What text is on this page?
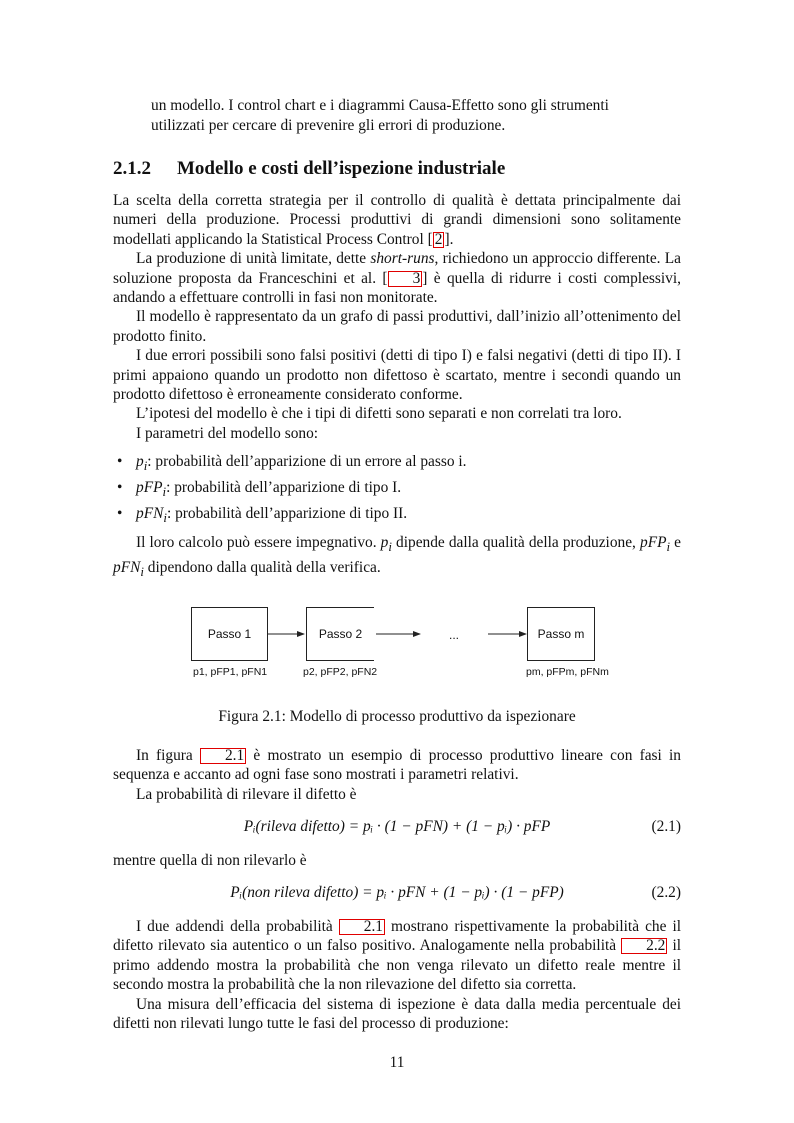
un modello. I control chart e i diagrammi Causa-Effetto sono gli strumenti

utilizzati per cercare di prevenire gli errori di produzione.

2.1.2 Modello e costi dell’ispezione industriale

La scelta della corretta strategia per il controllo di qualità è dettata principalmente dai numeri della produzione. Processi produttivi di grandi dimensioni sono solitamente modellati applicando la Statistical Process Control [ 2 ].

La produzione di unità limitate, dette short-runs, richiedono un approccio differente. La soluzione proposta da Franceschini et al. [ 3 ] è quella di ridurre i costi complessivi, andando a effettuare controlli in fasi non monitorate.

Il modello è rappresentato da un grafo di passi produttivi, dall’inizio all’ottenimento del prodotto finito.

I due errori possibili sono falsi positivi (detti di tipo I) e falsi negativi (detti di tipo II). I primi appaiono quando un prodotto non difettoso è scartato, mentre i secondi quando un prodotto difettoso è erroneamente considerato conforme.

L’ipotesi del modello è che i tipi di difetti sono separati e non correlati tra loro.

I parametri del modello sono:

• $p_i$: probabilità dell’apparizione di un errore al passo i.
• pFP$_i$: probabilità dell’apparizione di tipo I.
• pFN$_i$: probabilità dell’apparizione di tipo II.

Il loro calcolo può essere impegnativo. $p_i$ dipende dalla qualità della produzione, pFP$_i$ e pFN$_i$ dipendono dalla qualità della verifica.

Passo 1	Passo 2	...	Passo m
p1, pFP1, pFN1	p2, pFP2, pFN2	pm, pFPm, pFNm
Figura 2.1: Modello di processo produttivo da ispezionare

In figura 2.1 è mostrato un esempio di processo produttivo lineare con fasi in sequenza e accanto ad ogni fase sono mostrati i parametri relativi.

La probabilità di rilevare il difetto è

Pᵢ(rileva difetto) = pᵢ · (1 − pFN) + (1 − pᵢ) · pFP	(2.1)

mentre quella di non rilevarlo è

Pᵢ(non rileva difetto) = pᵢ · pFN + (1 − pᵢ) · (1 − pFP)	(2.2)

I due addendi della probabilità 2.1 mostrano rispettivamente la probabilità che il difetto rilevato sia autentico o un falso positivo. Analogamente nella probabilità 2.2 il primo addendo mostra la probabilità che non venga rilevato un difetto reale mentre il secondo mostra la probabilità che la non rilevazione del difetto sia corretta.

Una misura dell’efficacia del sistema di ispezione è data dalla media percentuale dei difetti non rilevati lungo tutte le fasi del processo di produzione:

11
